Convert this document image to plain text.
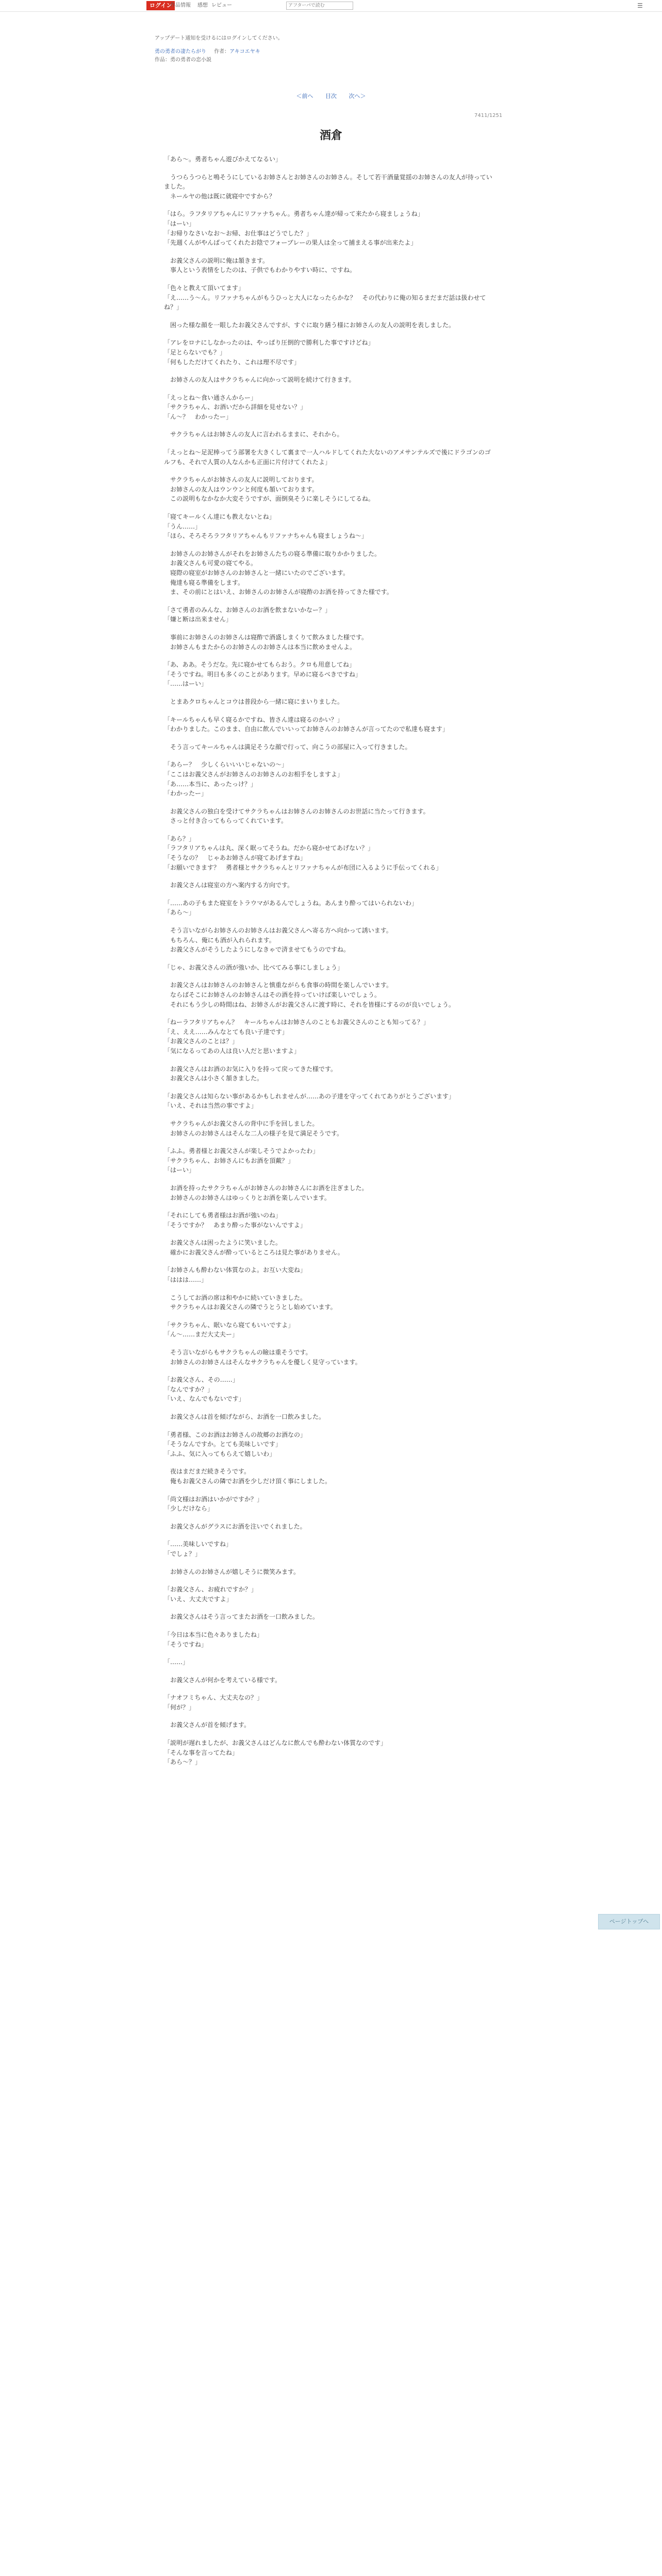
ログイン
作品情報 感想 レビュー
アフターパで読む	☰
アップデート通知を受けるにはログインしてください。
勇の勇者の凄たらがり 作者：アキコエヤキ
作品：勇の勇者の恋小説
＜前へ 目次 次へ＞
7411/1251
酒倉

「あら～。勇者ちゃん遊びかえてなるい」

　うつらうつらと鳴そうにしているお姉さんとお姉さんのお姉さん。そして若干酒量覚揺のお姉さんの友人が待っていました。
　ネールヤの他は既に就寝中ですから？

「はら。ラフタリアちゃんにリファナちゃん。勇者ちゃん達が帰って来たから寝ましょうね」
「はーい」
「お帰りなさいなお～お帰、お仕事はどうでした？」
「先週くんがやんばってくれたお陰でフォーブレーの果人は全って捕まえる事が出来たよ」

　お義父さんの説明に俺は頷きます。
　事人という表情をしたのは、子供でもわかりやすい時に、ですね。

「色々と教えて頂いてます」
「え……う～ん。リファナちゃんがもうひっと大人になったらかな？　その代わりに俺の知るまだまだ話は扱わせてね？」

　困った様な顔を一眼したお義父さんですが、すぐに取り繕う様にお姉さんの友人の説明を表しました。

「アレをロナにしなかったのは、やっぱり圧倒的で勝利した事ですけどね」
「足とらないでも？」
「何もしただけてくれたり、これは理不尽です」

　お姉さんの友人はサクラちゃんに向かって説明を続けて行きます。

「えっとね～食い通さんからー」
「サクラちゃん、お酒いだから詳細を見せない？」
「ん～？　わかったー」

　サクラちゃんはお姉さんの友人に言われるままに、それから。

「えっとね～足泥棒ってう部署を大きくして裏まで一人ハルドしてくれた大ないのアメサンテルズで後にドラゴンのゴルフも、それで人質の人なんかも正面に片付けてくれたよ」

　サクラちゃんがお姉さんの友人に説明しております。
　お姉さんの友人はウンウンと何度も頷いております。
　この説明もなかなか大変そうですが、面倒臭そうに楽しそうにしてるね。

「寝てキールくん達にも教えないとね」
「うん……」
「ほら、そろそろラフタリアちゃんもリファナちゃんも寝ましょうね～」

　お姉さんのお姉さんがそれをお姉さんたちの寝る準備に取りかかりました。
　お義父さんも可愛の寝てやる。
　寝際の寝室がお姉さんのお姉さんと一緒にいたのでございます。
　俺達も寝る準備をします。
　ま、その前にとはいえ、お姉さんのお姉さんが寝酢のお酒を持ってきた様です。

「さて勇者のみんな、お姉さんのお酒を飲まないかなー？」
「嫌と断は出来ません」

　事前にお姉さんのお姉さんは寝酢で酒盛しまくりて飲みました様です。
　お姉さんもまたからのお姉さんのお姉さんは本当に飲めませんよ。

「あ、ああ。そうだな。先に寝かせてもらおう。クロも用意してね」
「そうですね。明日も多くのことがあります。早めに寝るべきですね」
「……はーい」

　とまあクロちゃんとコウは普段から一緒に寝にまいりました。

「キールちゃんも早く寝るかですね、皆さん達は寝るのかい？」
「わかりました。このまま、自由に飲んでいいってお姉さんのお姉さんが言ってたので私達も寝ます」

　そう言ってキールちゃんは満足そうな顔で行って、向こうの部屋に入って行きました。

「あらー？　少しくらいいいじゃないの～」
「ここはお義父さんがお姉さんのお姉さんのお相手をしますよ」
「あ……本当に、あったっけ？」
「わかったー」

　お義父さんの独白を受けてサクラちゃんはお姉さんのお姉さんのお世話に当たって行きます。
　さっと付き合ってもらってくれています。

「あら？」
「ラフタリアちゃんは丸、深く眠ってそうね。だから寝かせてあげない？」
「そうなの？　じゃあお姉さんが寝てあげますね」
「お願いできます？　勇者様とサクラちゃんとリファナちゃんが布団に入るように手伝ってくれる」

　お義父さんは寝室の方へ案内する方向です。

「……あの子もまた寝室をトラウマがあるんでしょうね。あんまり酔ってはいられないわ」
「あら～」

　そう言いながらお姉さんのお姉さんはお義父さんへ寄る方へ向かって誘います。
　もちろん、俺にも酒が入れられます。
　お義父さんがそうしたようにしなきゃで済ませてもうのですね。

「じゃ、お義父さんの酒が強いか、比べてみる事にしましょう」

　お義父さんはお姉さんのお姉さんと慎重ながらも食事の時間を楽しんでいます。
　ならばそこにお姉さんのお姉さんはその酒を持っていけば楽しいでしょう。
　それにもう少しの時間はね、お姉さんがお義父さんに渡す時に、それを皆様にするのが良いでしょう。

「ねーラフタリアちゃん？　キールちゃんはお姉さんのこともお義父さんのことも知ってる？」
「え、ええ……みんなとても良い子達です」
「お義父さんのことは？」
「気になるってあの人は良い人だと思いますよ」

　お義父さんはお酒のお気に入りを持って戻ってきた様です。
　お義父さんは小さく頷きました。

「お義父さんは知らない事があるかもしれませんが……あの子達を守ってくれてありがとうございます」
「いえ、それは当然の事ですよ」

　サクラちゃんがお義父さんの背中に手を回しました。
　お姉さんのお姉さんはそんな二人の様子を見て満足そうです。

「ふふ。勇者様とお義父さんが楽しそうでよかったわ」
「サクラちゃん、お姉さんにもお酒を頂戴？」
「はーい」

　お酒を持ったサクラちゃんがお姉さんのお姉さんにお酒を注ぎました。
　お姉さんのお姉さんはゆっくりとお酒を楽しんでいます。

「それにしても勇者様はお酒が強いのね」
「そうですか？　あまり酔った事がないんですよ」

　お義父さんは困ったように笑いました。
　確かにお義父さんが酔っているところは見た事がありません。

「お姉さんも酔わない体質なのよ。お互い大変ね」
「ははは……」

　こうしてお酒の席は和やかに続いていきました。
　サクラちゃんはお義父さんの隣でうとうとし始めています。

「サクラちゃん、眠いなら寝てもいいですよ」
「ん～……まだ大丈夫ー」

　そう言いながらもサクラちゃんの瞼は重そうです。
　お姉さんのお姉さんはそんなサクラちゃんを優しく見守っています。

「お義父さん、その……」
「なんですか？」
「いえ、なんでもないです」

　お義父さんは首を傾げながら、お酒を一口飲みました。

「勇者様、このお酒はお姉さんの故郷のお酒なの」
「そうなんですか。とても美味しいです」
「ふふ、気に入ってもらえて嬉しいわ」

　夜はまだまだ続きそうです。
　俺もお義父さんの隣でお酒を少しだけ頂く事にしました。

「尚文様はお酒はいかがですか？」
「少しだけなら」

　お義父さんがグラスにお酒を注いでくれました。

「……美味しいですね」
「でしょ？」

　お姉さんのお姉さんが嬉しそうに微笑みます。

「お義父さん、お疲れですか？」
「いえ、大丈夫ですよ」

　お義父さんはそう言ってまたお酒を一口飲みました。

「今日は本当に色々ありましたね」
「そうですね」

「……」

　お義父さんが何かを考えている様です。

「ナオフミちゃん、大丈夫なの？」
「何が？」

　お義父さんが首を傾げます。

「説明が遅れましたが、お義父さんはどんなに飲んでも酔わない体質なのです」
「そんな事を言ってたね」
「あら～？」

ページトップへ
